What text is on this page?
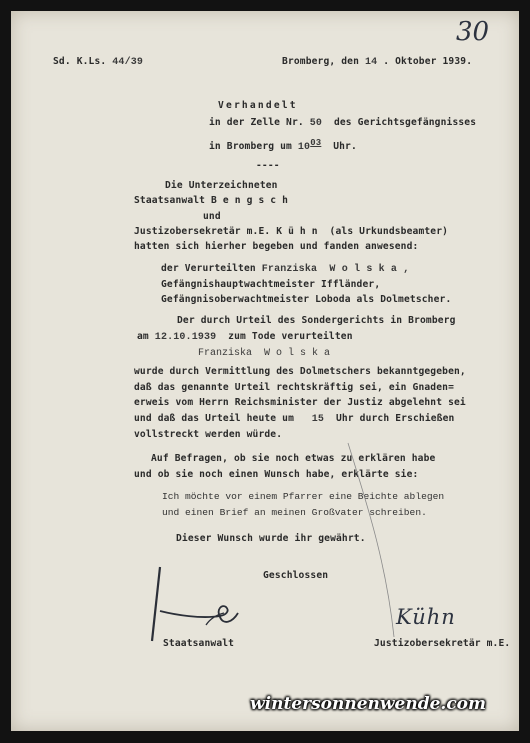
30
Sd. K.Ls. 44/39	Bromberg, den 14 . Oktober 1939.
Verhandelt
in der Zelle Nr. 50 des Gerichtsgefängnisses
in Bromberg um $10^{03}$ Uhr.
----
Die Unterzeichneten
Staatsanwalt B e n g s c h
und
Justizobersekretär m.E. K ü h n  (als Urkundsbeamter)
hatten sich hierher begeben und fanden anwesend:
der Verurteilten Franziska  W o l s k a ,
Gefängnishauptwachtmeister Iffländer,
Gefängnisoberwachtmeister Loboda als Dolmetscher.
Der durch Urteil des Sondergerichts in Bromberg
am 12.10.1939 zum Tode verurteilten
Franziska  W o l s k a
wurde durch Vermittlung des Dolmetschers bekanntgegeben,
daß das genannte Urteil rechtskräftig sei, ein Gnaden=
erweis vom Herrn Reichsminister der Justiz abgelehnt sei
und daß das Urteil heute um 15 Uhr durch Erschießen
vollstreckt werden würde.
Auf Befragen, ob sie noch etwas zu erklären habe
und ob sie noch einen Wunsch habe, erklärte sie:
Ich möchte vor einem Pfarrer eine Beichte ablegen
und einen Brief an meinen Großvater schreiben.
Dieser Wunsch wurde ihr gewährt.
Geschlossen
Staatsanwalt
Kühn
Justizobersekretär m.E.
wintersonnenwende.com
